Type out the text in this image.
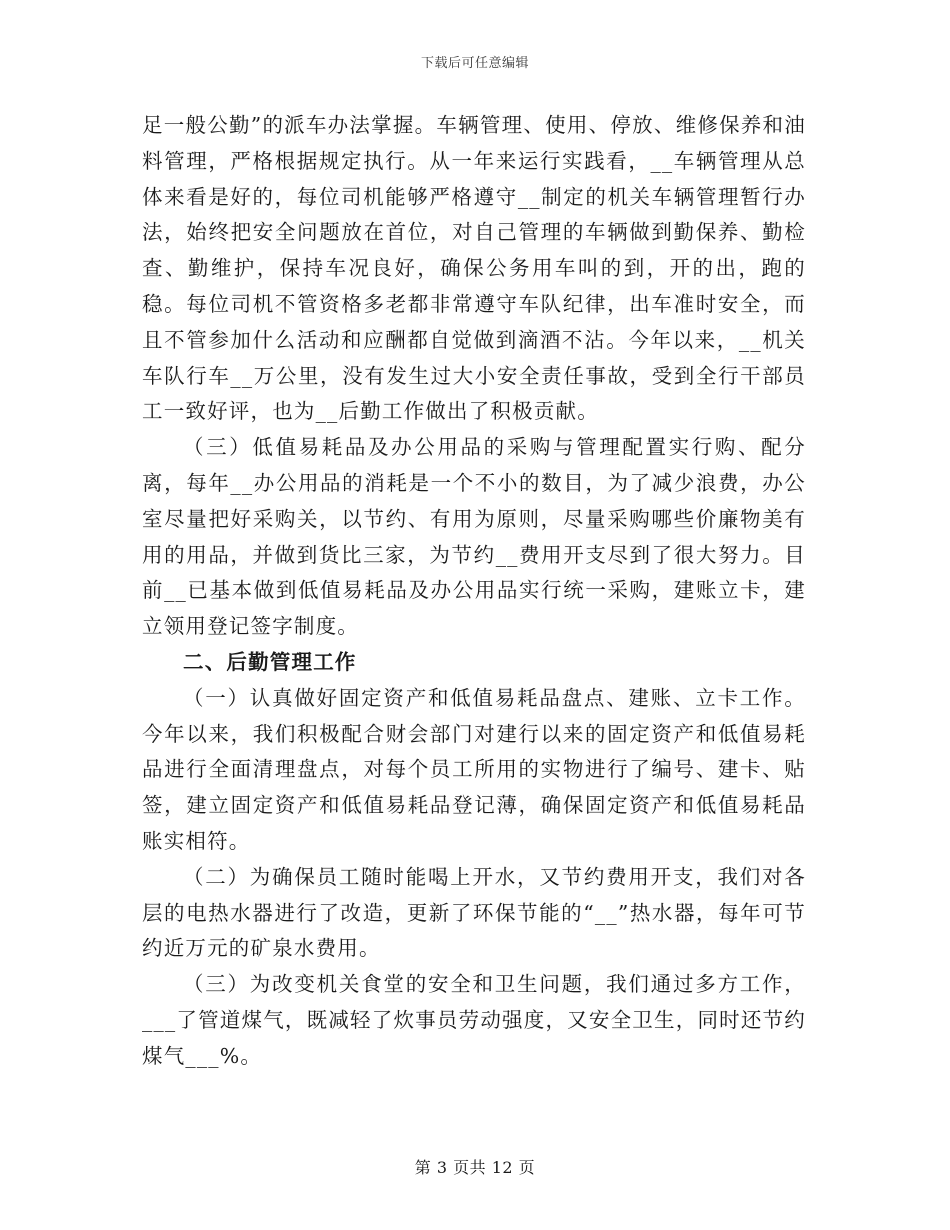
下载后可任意编辑

足一般公勤”的派车办法掌握。车辆管理、使用、停放、维修保养和油料管理，严格根据规定执行。从一年来运行实践看，__车辆管理从总体来看是好的，每位司机能够严格遵守__制定的机关车辆管理暂行办法，始终把安全问题放在首位，对自己管理的车辆做到勤保养、勤检查、勤维护，保持车况良好，确保公务用车叫的到，开的出，跑的稳。每位司机不管资格多老都非常遵守车队纪律，出车准时安全，而且不管参加什么活动和应酬都自觉做到滴酒不沾。今年以来，__机关车队行车__万公里，没有发生过大小安全责任事故，受到全行干部员工一致好评，也为__后勤工作做出了积极贡献。

（三）低值易耗品及办公用品的采购与管理配置实行购、配分离，每年__办公用品的消耗是一个不小的数目，为了减少浪费，办公室尽量把好采购关，以节约、有用为原则，尽量采购哪些价廉物美有用的用品，并做到货比三家，为节约__费用开支尽到了很大努力。目前__已基本做到低值易耗品及办公用品实行统一采购，建账立卡，建立领用登记签字制度。

二、后勤管理工作

（一）认真做好固定资产和低值易耗品盘点、建账、立卡工作。今年以来，我们积极配合财会部门对建行以来的固定资产和低值易耗品进行全面清理盘点，对每个员工所用的实物进行了编号、建卡、贴签，建立固定资产和低值易耗品登记薄，确保固定资产和低值易耗品账实相符。

（二）为确保员工随时能喝上开水，又节约费用开支，我们对各层的电热水器进行了改造，更新了环保节能的“__”热水器，每年可节约近万元的矿泉水费用。

（三）为改变机关食堂的安全和卫生问题，我们通过多方工作，___了管道煤气，既减轻了炊事员劳动强度，又安全卫生，同时还节约煤气___%。

第 3 页共 12 页
